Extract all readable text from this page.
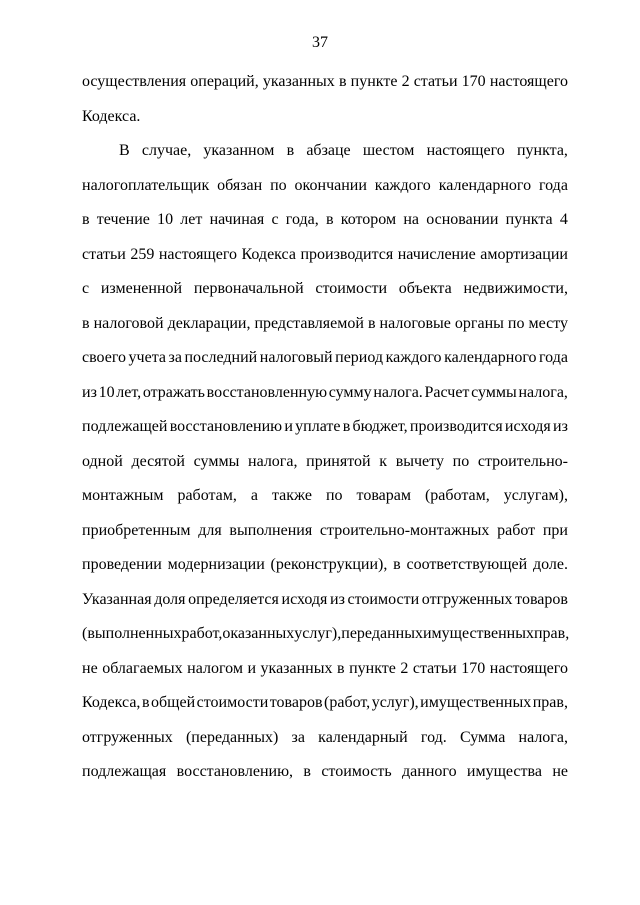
37
осуществления операций, указанных в пункте 2 статьи 170 настоящего
Кодекса.
В случае, указанном в абзаце шестом настоящего пункта,
налогоплательщик обязан по окончании каждого календарного года
в течение 10 лет начиная с года, в котором на основании пункта 4
статьи 259 настоящего Кодекса производится начисление амортизации
с измененной первоначальной стоимости объекта недвижимости,
в налоговой декларации, представляемой в налоговые органы по месту
своего учета за последний налоговый период каждого календарного года
из 10 лет, отражать восстановленную сумму налога. Расчет суммы налога,
подлежащей восстановлению и уплате в бюджет, производится исходя из
одной десятой суммы налога, принятой к вычету по строительно-
монтажным работам, а также по товарам (работам, услугам),
приобретенным для выполнения строительно-монтажных работ при
проведении модернизации (реконструкции), в соответствующей доле.
Указанная доля определяется исходя из стоимости отгруженных товаров
(выполненных работ, оказанных услуг), переданных имущественных прав,
не облагаемых налогом и указанных в пункте 2 статьи 170 настоящего
Кодекса, в общей стоимости товаров (работ, услуг), имущественных прав,
отгруженных (переданных) за календарный год. Сумма налога,
подлежащая восстановлению, в стоимость данного имущества не
